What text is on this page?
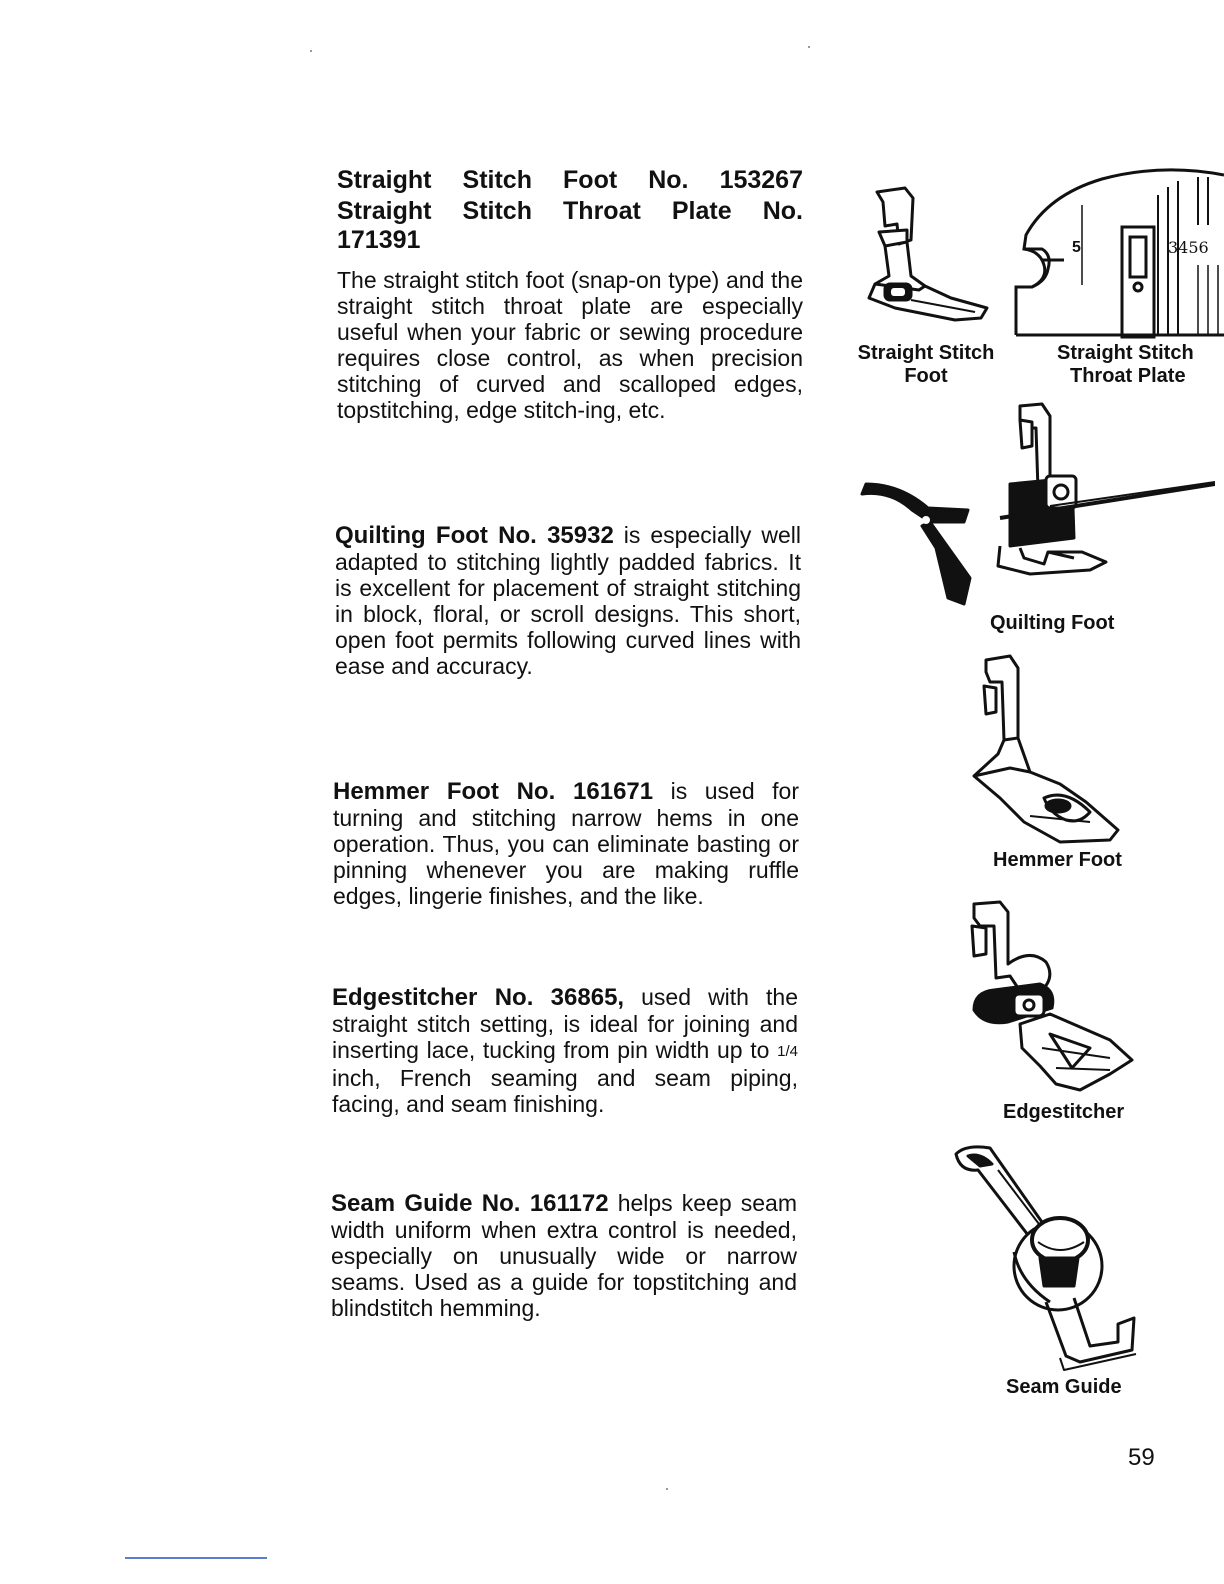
Straight Stitch Foot No. 153267
Straight Stitch Throat Plate No.
171391

The straight stitch foot (snap-on type) and the straight stitch throat plate are especially useful when your fabric or sewing procedure requires close control, as when precision stitching of curved and scalloped edges, topstitching, edge stitch-ing, etc.

Quilting Foot No. 35932 is especially well adapted to stitching lightly padded fabrics. It is excellent for placement of straight stitching in block, floral, or scroll designs. This short, open foot permits following curved lines with ease and accuracy.

Hemmer Foot No. 161671 is used for turning and stitching narrow hems in one operation. Thus, you can eliminate basting or pinning whenever you are making ruffle edges, lingerie finishes, and the like.

Edgestitcher No. 36865, used with the straight stitch setting, is ideal for joining and inserting lace, tucking from pin width up to 1/4 inch, French seaming and seam piping, facing, and seam finishing.

Seam Guide No. 161172 helps keep seam width uniform when extra control is needed, especially on unusually wide or narrow seams. Used as a guide for topstitching and blindstitch hemming.

5	3456
Straight Stitch
Foot
Straight Stitch
Throat Plate
Quilting Foot
Hemmer Foot
Edgestitcher
Seam Guide
59
